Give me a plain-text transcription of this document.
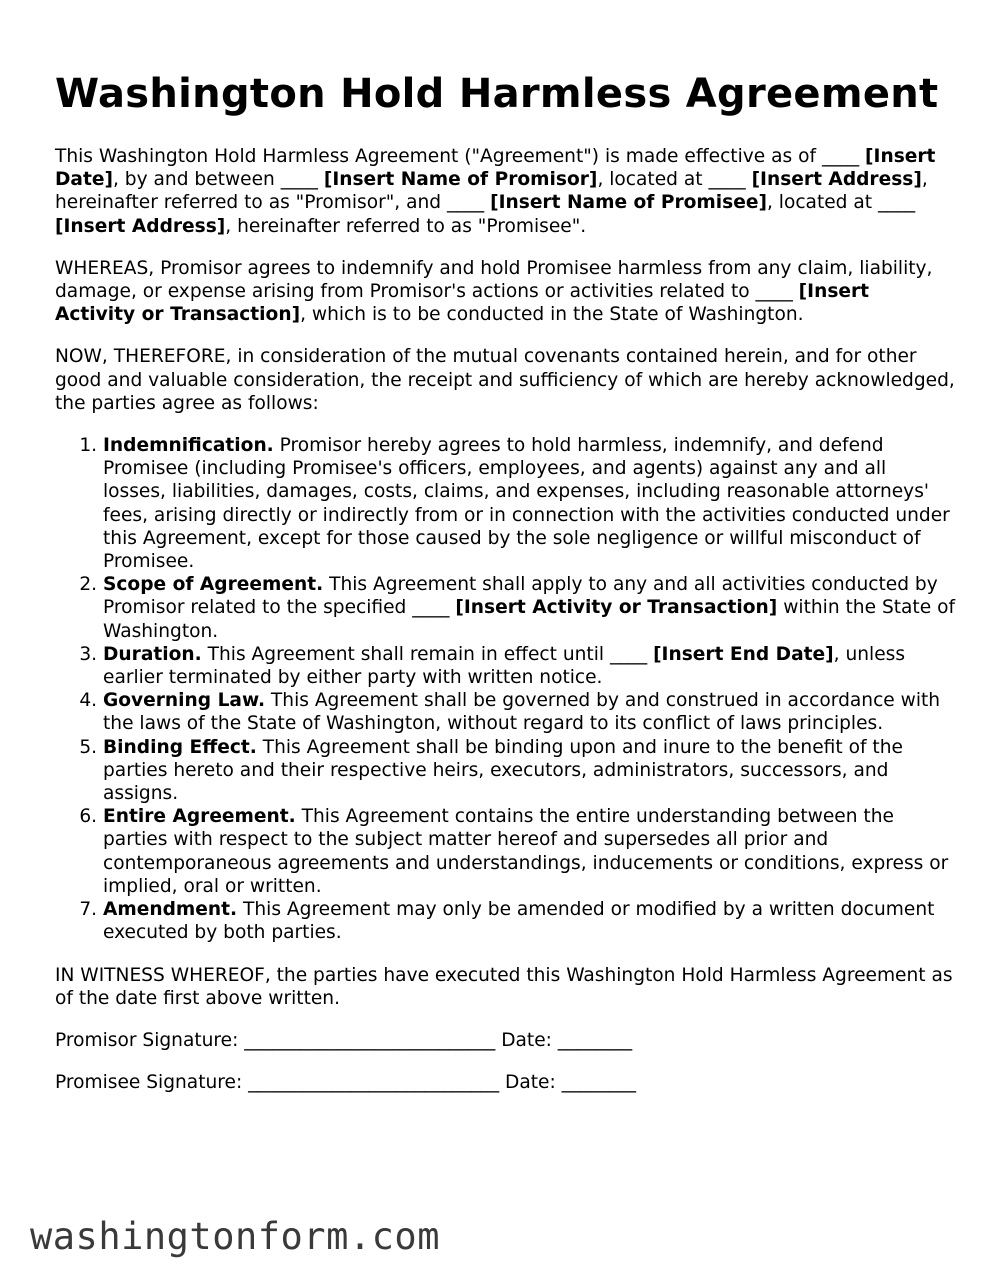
Washington Hold Harmless Agreement

This Washington Hold Harmless Agreement ("Agreement") is made effective as of ____ [Insert Date], by and between ____ [Insert Name of Promisor], located at ____ [Insert Address], hereinafter referred to as "Promisor", and ____ [Insert Name of Promisee], located at ____ [Insert Address], hereinafter referred to as "Promisee".

WHEREAS, Promisor agrees to indemnify and hold Promisee harmless from any claim, liability, damage, or expense arising from Promisor's actions or activities related to ____ [Insert Activity or Transaction], which is to be conducted in the State of Washington.

NOW, THEREFORE, in consideration of the mutual covenants contained herein, and for other good and valuable consideration, the receipt and sufficiency of which are hereby acknowledged, the parties agree as follows:

1. Indemnification. Promisor hereby agrees to hold harmless, indemnify, and defend Promisee (including Promisee's officers, employees, and agents) against any and all losses, liabilities, damages, costs, claims, and expenses, including reasonable attorneys' fees, arising directly or indirectly from or in connection with the activities conducted under this Agreement, except for those caused by the sole negligence or willful misconduct of Promisee.
2. Scope of Agreement. This Agreement shall apply to any and all activities conducted by Promisor related to the specified ____ [Insert Activity or Transaction] within the State of Washington.
3. Duration. This Agreement shall remain in effect until ____ [Insert End Date], unless earlier terminated by either party with written notice.
4. Governing Law. This Agreement shall be governed by and construed in accordance with the laws of the State of Washington, without regard to its conflict of laws principles.
5. Binding Effect. This Agreement shall be binding upon and inure to the benefit of the parties hereto and their respective heirs, executors, administrators, successors, and assigns.
6. Entire Agreement. This Agreement contains the entire understanding between the parties with respect to the subject matter hereof and supersedes all prior and contemporaneous agreements and understandings, inducements or conditions, express or implied, oral or written.
7. Amendment. This Agreement may only be amended or modified by a written document executed by both parties.

IN WITNESS WHEREOF, the parties have executed this Washington Hold Harmless Agreement as of the date first above written.

Promisor Signature: ___________________________ Date: ________

Promisee Signature: ___________________________ Date: ________

washingtonform.com
